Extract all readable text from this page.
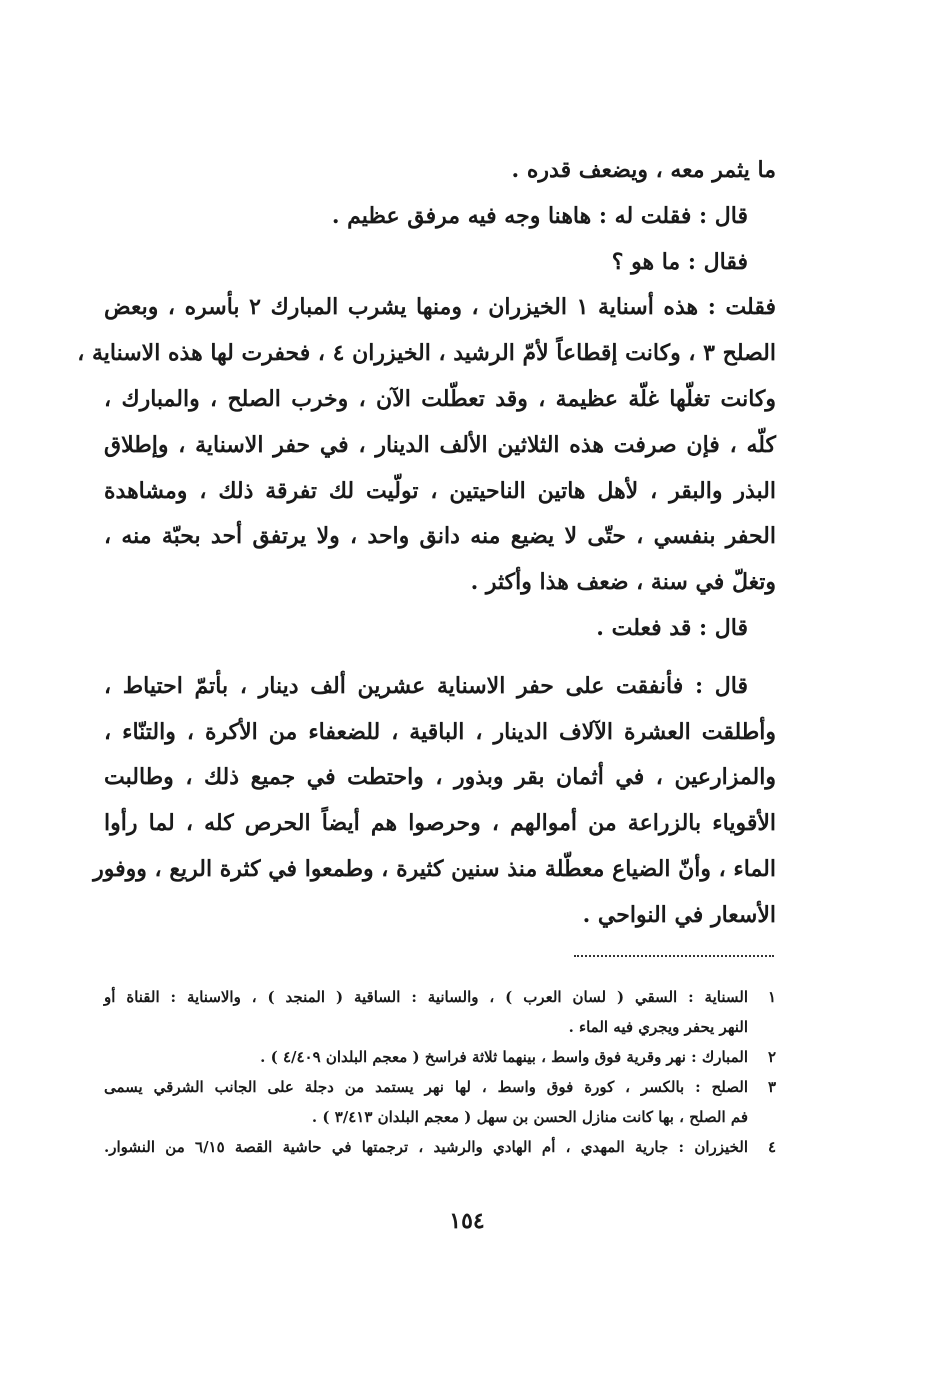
ما يثمر معه ، ويضعف قدره .
قال : فقلت له : هاهنا وجه فيه مرفق عظيم .
فقال : ما هو ؟
فقلت : هذه أسناية ١ الخيزران ، ومنها يشرب المبارك ٢ بأسره ، وبعض
الصلح ٣ ، وكانت إقطاعاً لأمّ الرشيد ، الخيزران ٤ ، فحفرت لها هذه الاسناية ،
وكانت تغلّها غلّة عظيمة ، وقد تعطّلت الآن ، وخرب الصلح ، والمبارك ،
كلّه ، فإن صرفت هذه الثلاثين الألف الدينار ، في حفر الاسناية ، وإطلاق
البذر والبقر ، لأهل هاتين الناحيتين ، تولّيت لك تفرقة ذلك ، ومشاهدة
الحفر بنفسي ، حتّى لا يضيع منه دانق واحد ، ولا يرتفق أحد بحبّة منه ،
وتغلّ في سنة ، ضعف هذا وأكثر .
قال : قد فعلت .
قال : فأنفقت على حفر الاسناية عشرين ألف دينار ، بأتمّ احتياط ،
وأطلقت العشرة الآلاف الدينار ، الباقية ، للضعفاء من الأكرة ، والتنّاء ،
والمزارعين ، في أثمان بقر وبذور ، واحتطت في جميع ذلك ، وطالبت
الأقوياء بالزراعة من أموالهم ، وحرصوا هم أيضاً الحرص كله ، لما رأوا
الماء ، وأنّ الضياع معطّلة منذ سنين كثيرة ، وطمعوا في كثرة الريع ، ووفور
الأسعار في النواحي .
١
السناية : السقي ( لسان العرب ) ، والسانية : الساقية ( المنجد ) ، والاسناية : القناة أو
النهر يحفر ويجري فيه الماء .
٢
المبارك : نهر وقرية فوق واسط ، بينهما ثلاثة فراسخ ( معجم البلدان ٤/٤٠٩ ) .
٣
الصلح : بالكسر ، كورة فوق واسط ، لها نهر يستمد من دجلة على الجانب الشرقي يسمى
فم الصلح ، بها كانت منازل الحسن بن سهل ( معجم البلدان ٣/٤١٣ ) .
٤
الخيزران : جارية المهدي ، أم الهادي والرشيد ، ترجمتها في حاشية القصة ٦/١٥ من النشوار.
١٥٤
